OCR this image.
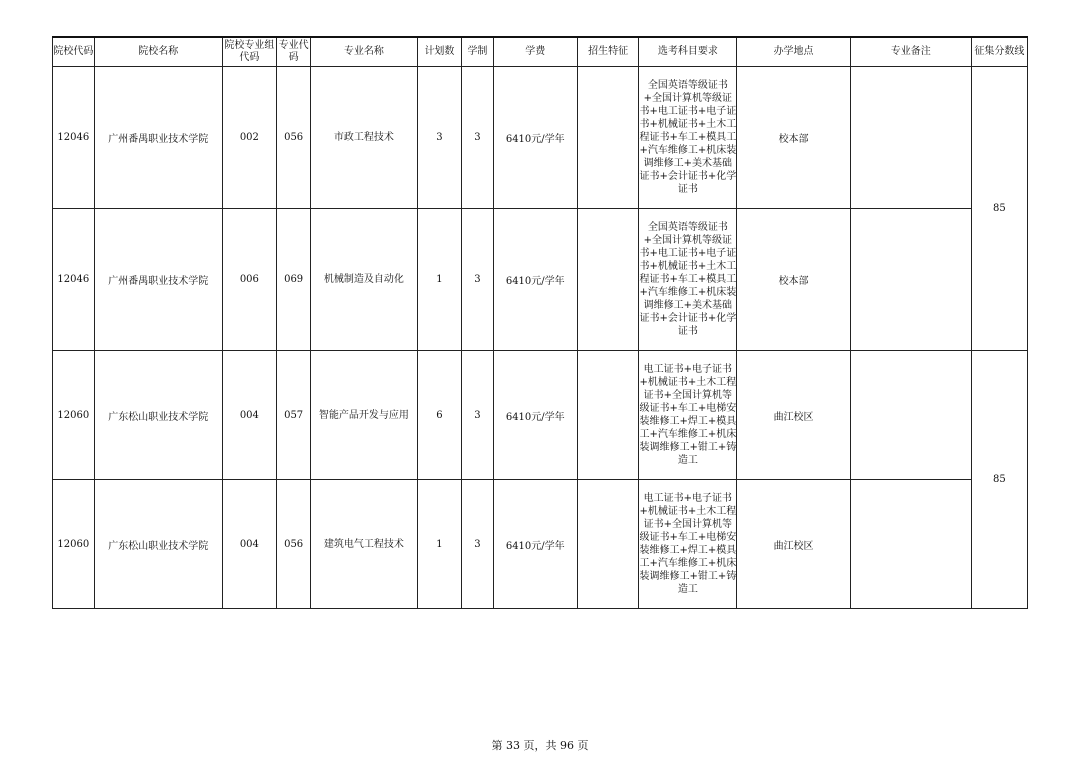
院校代码	院校名称	院校专业组代码	专业代码	专业名称	计划数	学制	学费	招生特征	选考科目要求	办学地点	专业备注	征集分数线
12046	广州番禺职业技术学院	002	056	市政工程技术	3	3	6410元/学年		全国英语等级证书+全国计算机等级证书+电工证书+电子证书+机械证书+土木工程证书+车工+模具工+汽车维修工+机床装调维修工+美术基础证书+会计证书+化学证书	校本部		85
12046	广州番禺职业技术学院	006	069	机械制造及自动化	1	3	6410元/学年		全国英语等级证书+全国计算机等级证书+电工证书+电子证书+机械证书+土木工程证书+车工+模具工+汽车维修工+机床装调维修工+美术基础证书+会计证书+化学证书	校本部		
12060	广东松山职业技术学院	004	057	智能产品开发与应用	6	3	6410元/学年		电工证书+电子证书+机械证书+土木工程证书+全国计算机等级证书+车工+电梯安装维修工+焊工+模具工+汽车维修工+机床装调维修工+钳工+铸造工	曲江校区		85
12060	广东松山职业技术学院	004	056	建筑电气工程技术	1	3	6410元/学年		电工证书+电子证书+机械证书+土木工程证书+全国计算机等级证书+车工+电梯安装维修工+焊工+模具工+汽车维修工+机床装调维修工+钳工+铸造工	曲江校区		
第 33 页，共 96 页
